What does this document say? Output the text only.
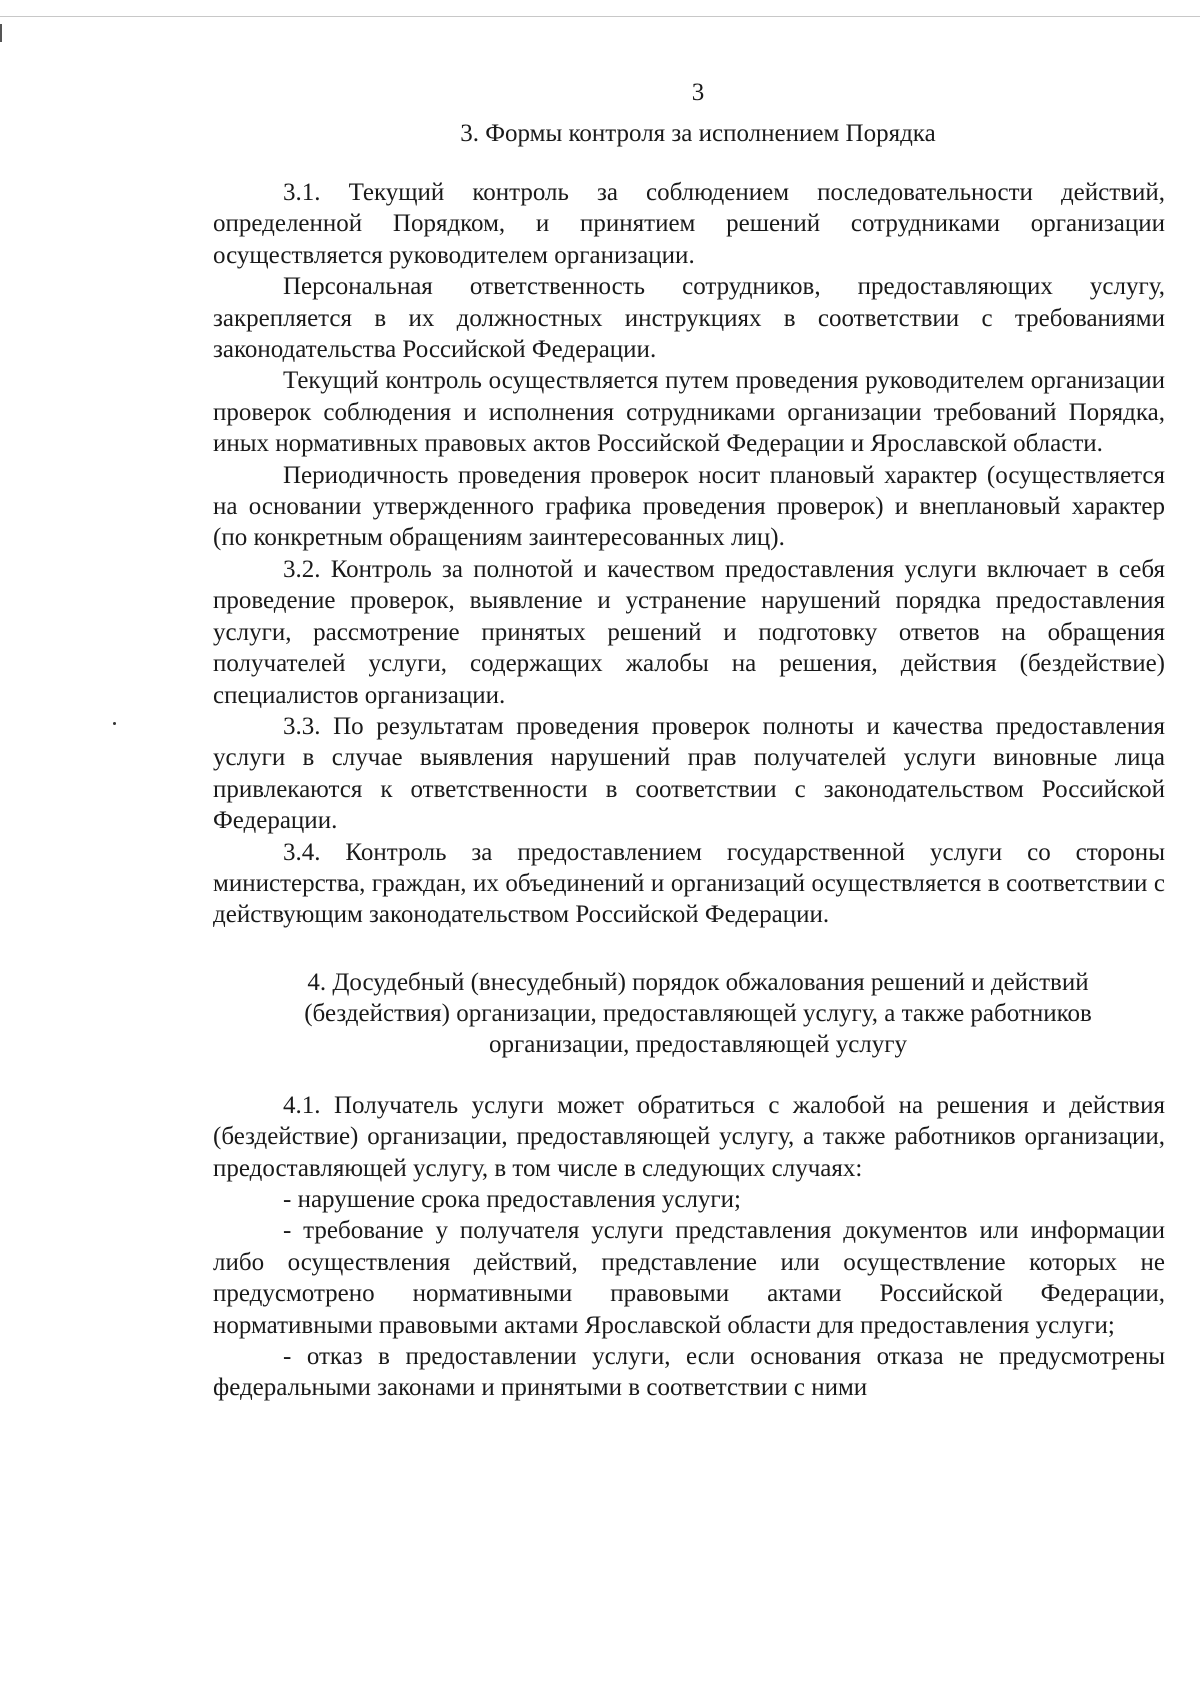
3
3. Формы контроля за исполнением Порядка

3.1. Текущий контроль за соблюдением последовательности действий, определенной Порядком, и принятием решений сотрудниками организации осуществляется руководителем организации.

Персональная ответственность сотрудников, предоставляющих услугу, закрепляется в их должностных инструкциях в соответствии с требованиями законодательства Российской Федерации.

Текущий контроль осуществляется путем проведения руководителем организации проверок соблюдения и исполнения сотрудниками организации требований Порядка, иных нормативных правовых актов Российской Федерации и Ярославской области.

Периодичность проведения проверок носит плановый характер (осуществляется на основании утвержденного графика проведения проверок) и внеплановый характер (по конкретным обращениям заинтересованных лиц).

3.2. Контроль за полнотой и качеством предоставления услуги включает в себя проведение проверок, выявление и устранение нарушений порядка предоставления услуги, рассмотрение принятых решений и подготовку ответов на обращения получателей услуги, содержащих жалобы на решения, действия (бездействие) специалистов организации.

3.3. По результатам проведения проверок полноты и качества предоставления услуги в случае выявления нарушений прав получателей услуги виновные лица привлекаются к ответственности в соответствии с законодательством Российской Федерации.

3.4. Контроль за предоставлением государственной услуги со стороны министерства, граждан, их объединений и организаций осуществляется в соответствии с действующим законодательством Российской Федерации.

4. Досудебный (внесудебный) порядок обжалования решений и действий
(бездействия) организации, предоставляющей услугу, а также работников
организации, предоставляющей услугу

4.1. Получатель услуги может обратиться с жалобой на решения и действия (бездействие) организации, предоставляющей услугу, а также работников организации, предоставляющей услугу, в том числе в следующих случаях:

- нарушение срока предоставления услуги;

- требование у получателя услуги представления документов или информации либо осуществления действий, представление или осуществление которых не предусмотрено нормативными правовыми актами Российской Федерации, нормативными правовыми актами Ярославской области для предоставления услуги;

- отказ в предоставлении услуги, если основания отказа не предусмотрены федеральными законами и принятыми в соответствии с ними
